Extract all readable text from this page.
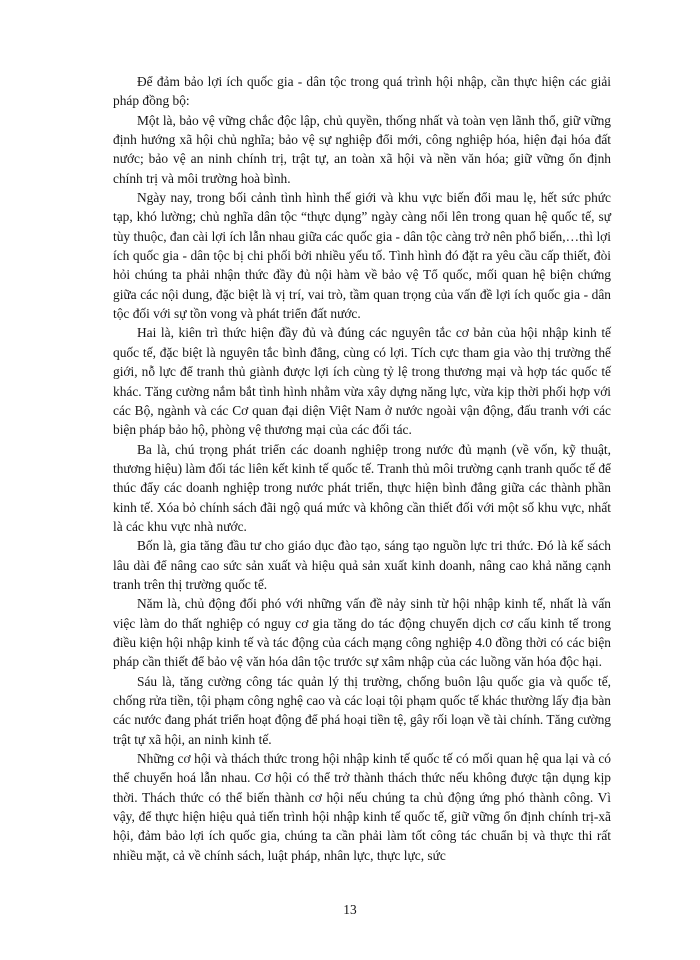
Để đảm bảo lợi ích quốc gia - dân tộc trong quá trình hội nhập, cần thực hiện các giải pháp đồng bộ:

Một là, bảo vệ vững chắc độc lập, chủ quyền, thống nhất và toàn vẹn lãnh thổ, giữ vững định hướng xã hội chủ nghĩa; bảo vệ sự nghiệp đổi mới, công nghiệp hóa, hiện đại hóa đất nước; bảo vệ an ninh chính trị, trật tự, an toàn xã hội và nền văn hóa; giữ vững ổn định chính trị và môi trường hoà bình.

Ngày nay, trong bối cảnh tình hình thế giới và khu vực biến đổi mau lẹ, hết sức phức tạp, khó lường; chủ nghĩa dân tộc “thực dụng” ngày càng nổi lên trong quan hệ quốc tế, sự tùy thuộc, đan cài lợi ích lẫn nhau giữa các quốc gia - dân tộc càng trở nên phổ biến,…thì lợi ích quốc gia - dân tộc bị chi phối bởi nhiều yếu tố. Tình hình đó đặt ra yêu cầu cấp thiết, đòi hỏi chúng ta phải nhận thức đầy đủ nội hàm về bảo vệ Tổ quốc, mối quan hệ biện chứng giữa các nội dung, đặc biệt là vị trí, vai trò, tầm quan trọng của vấn đề lợi ích quốc gia - dân tộc đối với sự tồn vong và phát triển đất nước.

Hai là, kiên trì thức hiện đầy đủ và đúng các nguyên tắc cơ bản của hội nhập kinh tế quốc tế, đặc biệt là nguyên tắc bình đẳng, cùng có lợi. Tích cực tham gia vào thị trường thế giới, nỗ lực để tranh thủ giành được lợi ích cùng tỷ lệ trong thương mại và hợp tác quốc tế khác. Tăng cường nắm bắt tình hình nhằm vừa xây dựng năng lực, vừa kịp thời phối hợp với các Bộ, ngành và các Cơ quan đại diện Việt Nam ở nước ngoài vận động, đấu tranh với các biện pháp bảo hộ, phòng vệ thương mại của các đối tác.

Ba là, chú trọng phát triển các doanh nghiệp trong nước đủ mạnh (về vốn, kỹ thuật, thương hiệu) làm đối tác liên kết kinh tế quốc tế. Tranh thủ môi trường cạnh tranh quốc tế để thúc đẩy các doanh nghiệp trong nước phát triển, thực hiện bình đẳng giữa các thành phần kinh tế. Xóa bỏ chính sách đãi ngộ quá mức và không cần thiết đối với một số khu vực, nhất là các khu vực nhà nước.

Bốn là, gia tăng đầu tư cho giáo dục đào tạo, sáng tạo nguồn lực tri thức. Đó là kế sách lâu dài để nâng cao sức sản xuất và hiệu quả sản xuất kinh doanh, nâng cao khả năng cạnh tranh trên thị trường quốc tế.

Năm là, chủ động đối phó với những vấn đề nảy sinh từ hội nhập kinh tế, nhất là vấn việc làm do thất nghiệp có nguy cơ gia tăng do tác động chuyển dịch cơ cấu kinh tế trong điều kiện hội nhập kinh tế và tác động của cách mạng công nghiệp 4.0 đồng thời có các biện pháp cần thiết để bảo vệ văn hóa dân tộc trước sự xâm nhập của các luồng văn hóa độc hại.

Sáu là, tăng cường công tác quản lý thị trường, chống buôn lậu quốc gia và quốc tế, chống rửa tiền, tội phạm công nghệ cao và các loại tội phạm quốc tế khác thường lấy địa bàn các nước đang phát triển hoạt động để phá hoại tiền tệ, gây rối loạn về tài chính. Tăng cường trật tự xã hội, an ninh kinh tế.

Những cơ hội và thách thức trong hội nhập kinh tế quốc tế có mối quan hệ qua lại và có thể chuyển hoá lẫn nhau. Cơ hội có thể trở thành thách thức nếu không được tận dụng kịp thời. Thách thức có thể biến thành cơ hội nếu chúng ta chủ động ứng phó thành công. Vì vậy, để thực hiện hiệu quả tiến trình hội nhập kinh tế quốc tế, giữ vững ổn định chính trị-xã hội, đảm bảo lợi ích quốc gia, chúng ta cần phải làm tốt công tác chuẩn bị và thực thi rất nhiều mặt, cả về chính sách, luật pháp, nhân lực, thực lực, sức

13
